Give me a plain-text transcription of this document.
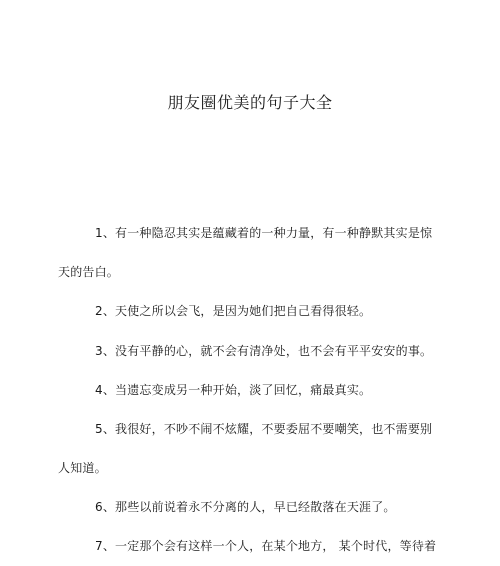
朋友圈优美的句子大全
1、有一种隐忍其实是蕴藏着的一种力量，有一种静默其实是惊
天的告白。
2、天使之所以会飞，是因为她们把自己看得很轻。
3、没有平静的心，就不会有清净处，也不会有平平安安的事。
4、当遗忘变成另一种开始，淡了回忆，痛最真实。
5、我很好，不吵不闹不炫耀，不要委屈不要嘲笑，也不需要别
人知道。
6、那些以前说着永不分离的人，早已经散落在天涯了。
7、一定那个会有这样一个人，在某个地方， 某个时代，等待着
